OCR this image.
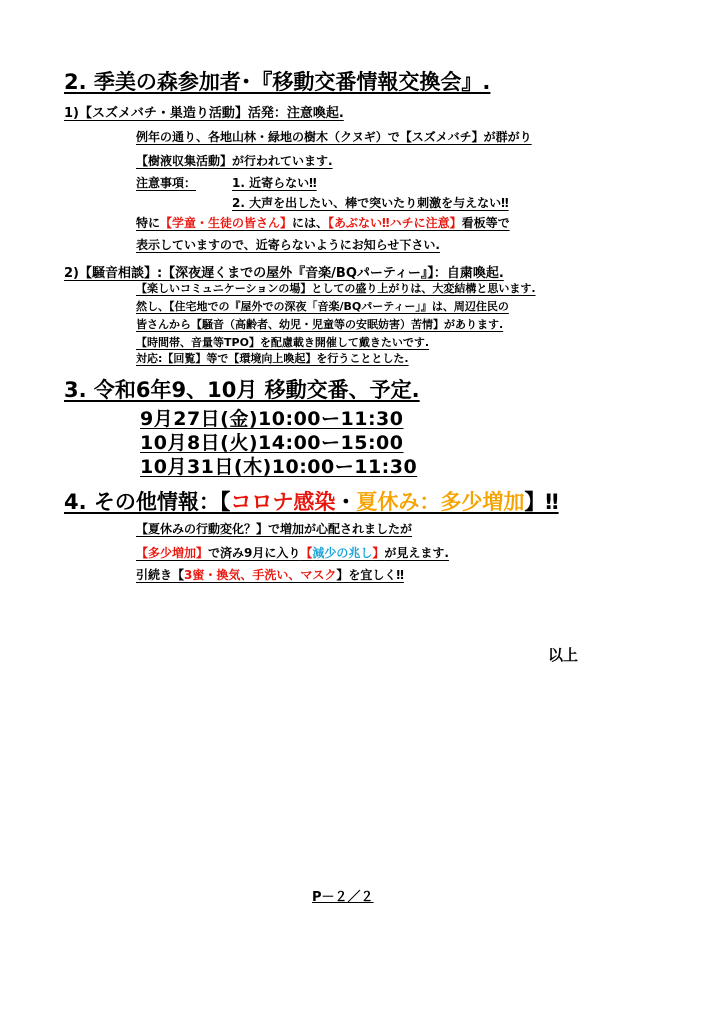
2. 季美の森参加者･『移動交番情報交換会』.
1)【スズメバチ・巣造り活動】活発：注意喚起.
例年の通り、各地山林・緑地の樹木（クヌギ）で【スズメバチ】が群がり
【樹液収集活動】が行われています.
注意事項：	1. 近寄らない‼
2. 大声を出したい、棒で突いたり刺激を与えない‼
特に【学童・生徒の皆さん】には、【あぶない‼ハチに注意】看板等で
表示していますので、近寄らないようにお知らせ下さい.
2)【騒音相談】:【深夜遅くまでの屋外『音楽/BQパーティー』】：自粛喚起.
【楽しいコミュニケーションの場】としての盛り上がりは、大変結構と思います.
然し、【住宅地での『屋外での深夜「音楽/BQパーティー」』は、周辺住民の
皆さんから【騒音（高齢者、幼児・児童等の安眠妨害）苦情】があります.
【時間帯、音量等TPO】を配慮載き開催して戴きたいです.
対応:【回覧】等で【環境向上喚起】を行うこととした.
3. 令和6年9、10月 移動交番、予定.
9月27日(金)10:00ー11:30
10月8日(火)14:00ー15:00
10月31日(木)10:00ー11:30
4. その他情報：【コロナ感染・夏休み：多少増加】‼
【夏休みの行動変化？】で増加が心配されましたが
【多少増加】で済み9月に入り【減少の兆し】が見えます.
引続き【3蜜・換気、手洗い、マスク】を宜しく‼
以上
P－２／２
